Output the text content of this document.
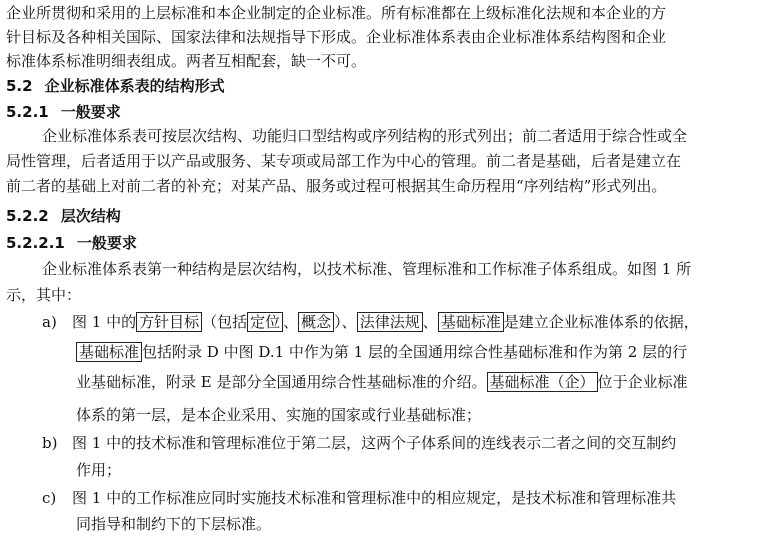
企业所贯彻和采用的上层标准和本企业制定的企业标准。所有标准都在上级标准化法规和本企业的方
针目标及各种相关国际、国家法律和法规指导下形成。企业标准体系表由企业标准体系结构图和企业
标准体系标准明细表组成。两者互相配套，缺一不可。
5.2 企业标准体系表的结构形式
5.2.1 一般要求
企业标准体系表可按层次结构、功能归口型结构或序列结构的形式列出；前二者适用于综合性或全
局性管理，后者适用于以产品或服务、某专项或局部工作为中心的管理。前二者是基础，后者是建立在
前二者的基础上对前二者的补充；对某产品、服务或过程可根据其生命历程用“序列结构”形式列出。
5.2.2 层次结构
5.2.2.1 一般要求
企业标准体系表第一种结构是层次结构，以技术标准、管理标准和工作标准子体系组成。如图 1 所
示，其中：
a) 图 1 中的 方针目标 （包括 定位 、 概念 ）、 法律法规 、 基础标准 是建立企业标准体系的依据，
基础标准 包括附录 D 中图 D.1 中作为第 1 层的全国通用综合性基础标准和作为第 2 层的行
业基础标准，附录 E 是部分全国通用综合性基础标准的介绍。 基础标准（企） 位于企业标准
体系的第一层，是本企业采用、实施的国家或行业基础标准；
b) 图 1 中的技术标准和管理标准位于第二层，这两个子体系间的连线表示二者之间的交互制约
作用；
c) 图 1 中的工作标准应同时实施技术标准和管理标准中的相应规定，是技术标准和管理标准共
同指导和制约下的下层标准。
